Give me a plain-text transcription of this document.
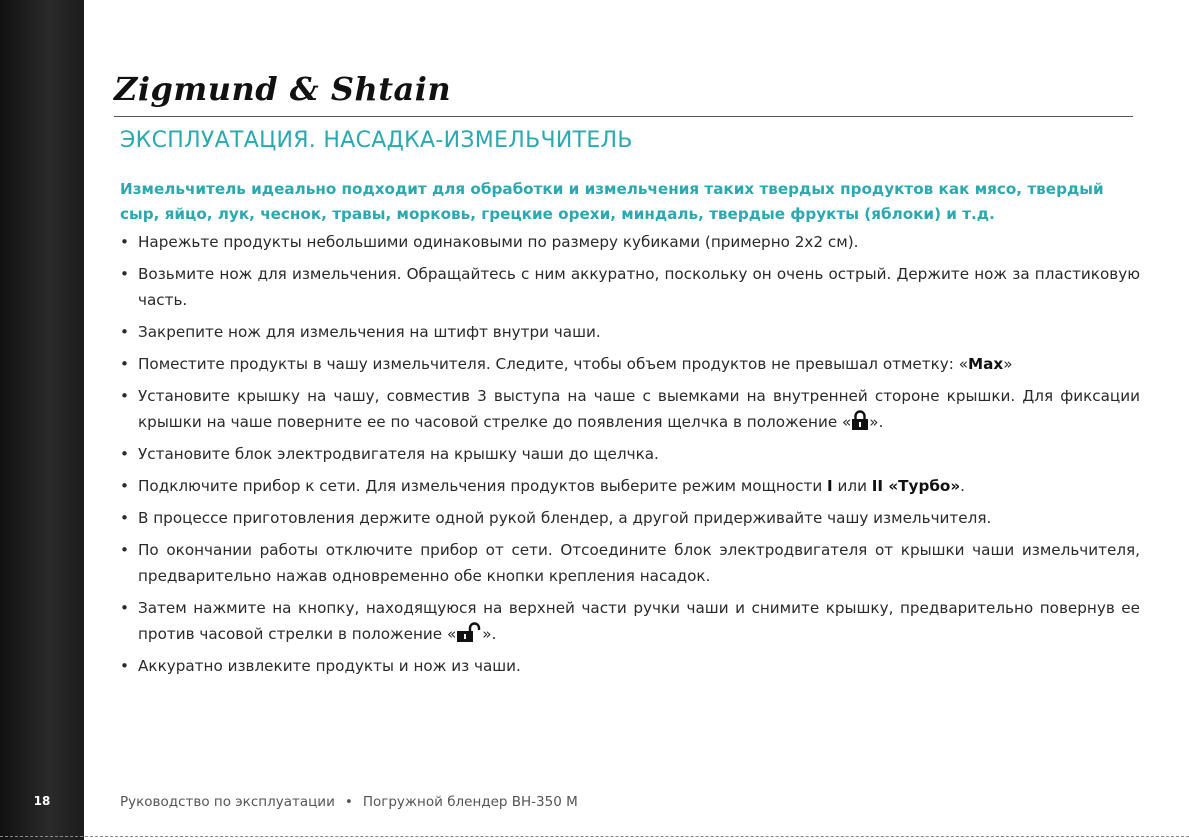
18
Zigmund & Shtain
ЭКСПЛУАТАЦИЯ. НАСАДКА-ИЗМЕЛЬЧИТЕЛЬ

Измельчитель идеально подходит для обработки и измельчения таких твердых продуктов как мясо, твердый сыр, яйцо, лук, чеснок, травы, морковь, грецкие орехи, миндаль, твердые фрукты (яблоки) и т.д.

• Нарежьте продукты небольшими одинаковыми по размеру кубиками (примерно 2х2 см).
• Возьмите нож для измельчения. Обращайтесь с ним аккуратно, поскольку он очень острый. Держите нож за пластиковую часть.
• Закрепите нож для измельчения на штифт внутри чаши.
• Поместите продукты в чашу измельчителя. Следите, чтобы объем продуктов не превышал отметку: «Max»
• Установите крышку на чашу, совместив 3 выступа на чаше с выемками на внутренней стороне крышки. Для фиксации крышки на чаше поверните ее по часовой стрелке до появления щелчка в положение « ».
• Установите блок электродвигателя на крышку чаши до щелчка.
• Подключите прибор к сети. Для измельчения продуктов выберите режим мощности I или II «Турбо».
• В процессе приготовления держите одной рукой блендер, а другой придерживайте чашу измельчителя.
• По окончании работы отключите прибор от сети. Отсоедините блок электродвигателя от крышки чаши измельчителя, предварительно нажав одновременно обе кнопки крепления насадок.
• Затем нажмите на кнопку, находящуюся на верхней части ручки чаши и снимите крышку, предварительно повернув ее против часовой стрелки в положение « ».
• Аккуратно извлеките продукты и нож из чаши.
Руководство по эксплуатации • Погружной блендер BH-350 M
